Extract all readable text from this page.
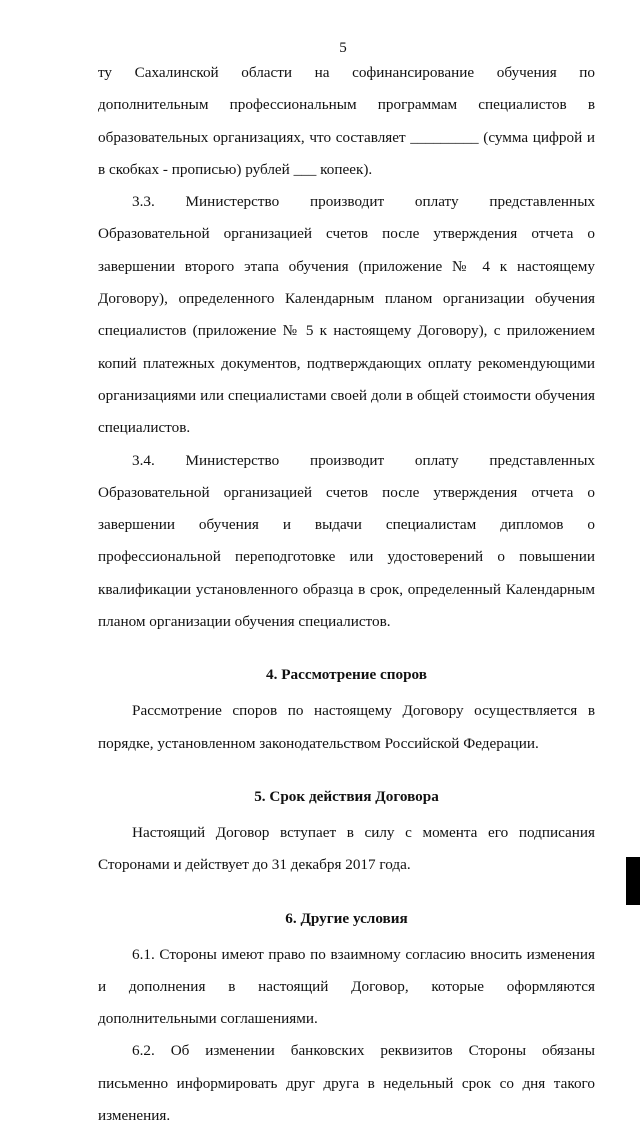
5

ту Сахалинской области на софинансирование обучения по дополнительным профессиональным программам специалистов в образовательных организациях, что составляет _________ (сумма цифрой и в скобках - прописью) рублей ___ копеек).

3.3. Министерство производит оплату представленных Образовательной организацией счетов после утверждения отчета о завершении второго этапа обучения (приложение № 4 к настоящему Договору), определенного Календарным планом организации обучения специалистов (приложение № 5 к настоящему Договору), с приложением копий платежных документов, подтверждающих оплату рекомендующими организациями или специалистами своей доли в общей стоимости обучения специалистов.

3.4. Министерство производит оплату представленных Образовательной организацией счетов после утверждения отчета о завершении обучения и выдачи специалистам дипломов о профессиональной переподготовке или удостоверений о повышении квалификации установленного образца в срок, определенный Календарным планом организации обучения специалистов.

4. Рассмотрение споров

Рассмотрение споров по настоящему Договору осуществляется в порядке, установленном законодательством Российской Федерации.

5. Срок действия Договора

Настоящий Договор вступает в силу с момента его подписания Сторонами и действует до 31 декабря 2017 года.

6. Другие условия

6.1. Стороны имеют право по взаимному согласию вносить изменения и дополнения в настоящий Договор, которые оформляются дополнительными соглашениями.

6.2. Об изменении банковских реквизитов Стороны обязаны письменно информировать друг друга в недельный срок со дня такого изменения.
